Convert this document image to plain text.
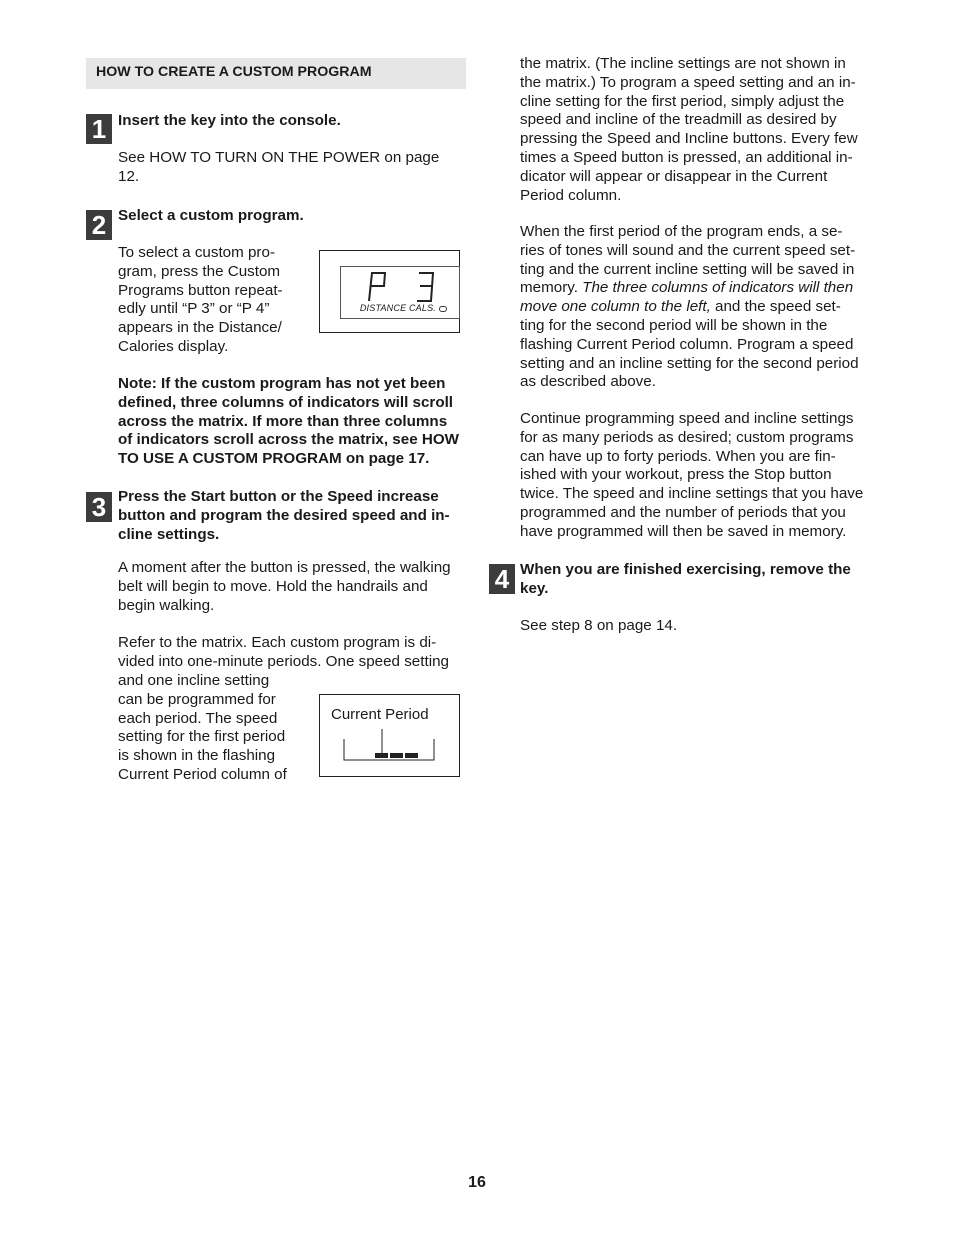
HOW TO CREATE A CUSTOM PROGRAM
1 Insert the key into the console.

See HOW TO TURN ON THE POWER on page
12.

2 Select a custom program.

To select a custom pro-
gram, press the Custom
Programs button repeat-
edly until “P 3” or “P 4”
appears in the Distance/
Calories display.

DISTANCE CALS.

Note: If the custom program has not yet been
defined, three columns of indicators will scroll
across the matrix. If more than three columns
of indicators scroll across the matrix, see HOW
TO USE A CUSTOM PROGRAM on page 17.

3 Press the Start button or the Speed increase
button and program the desired speed and in-
cline settings.

A moment after the button is pressed, the walking
belt will begin to move. Hold the handrails and
begin walking.

Refer to the matrix. Each custom program is di-
vided into one-minute periods. One speed setting

and one incline setting
can be programmed for
each period. The speed
setting for the first period
is shown in the flashing
Current Period column of

Current Period

the matrix. (The incline settings are not shown in
the matrix.) To program a speed setting and an in-
cline setting for the first period, simply adjust the
speed and incline of the treadmill as desired by
pressing the Speed and Incline buttons. Every few
times a Speed button is pressed, an additional in-
dicator will appear or disappear in the Current
Period column.

When the first period of the program ends, a se-
ries of tones will sound and the current speed set-
ting and the current incline setting will be saved in
memory. The three columns of indicators will then
move one column to the left, and the speed set-
ting for the second period will be shown in the
flashing Current Period column. Program a speed
setting and an incline setting for the second period
as described above.

Continue programming speed and incline settings
for as many periods as desired; custom programs
can have up to forty periods. When you are fin-
ished with your workout, press the Stop button
twice. The speed and incline settings that you have
programmed and the number of periods that you
have programmed will then be saved in memory.

4 When you are finished exercising, remove the
key.

See step 8 on page 14.

16
